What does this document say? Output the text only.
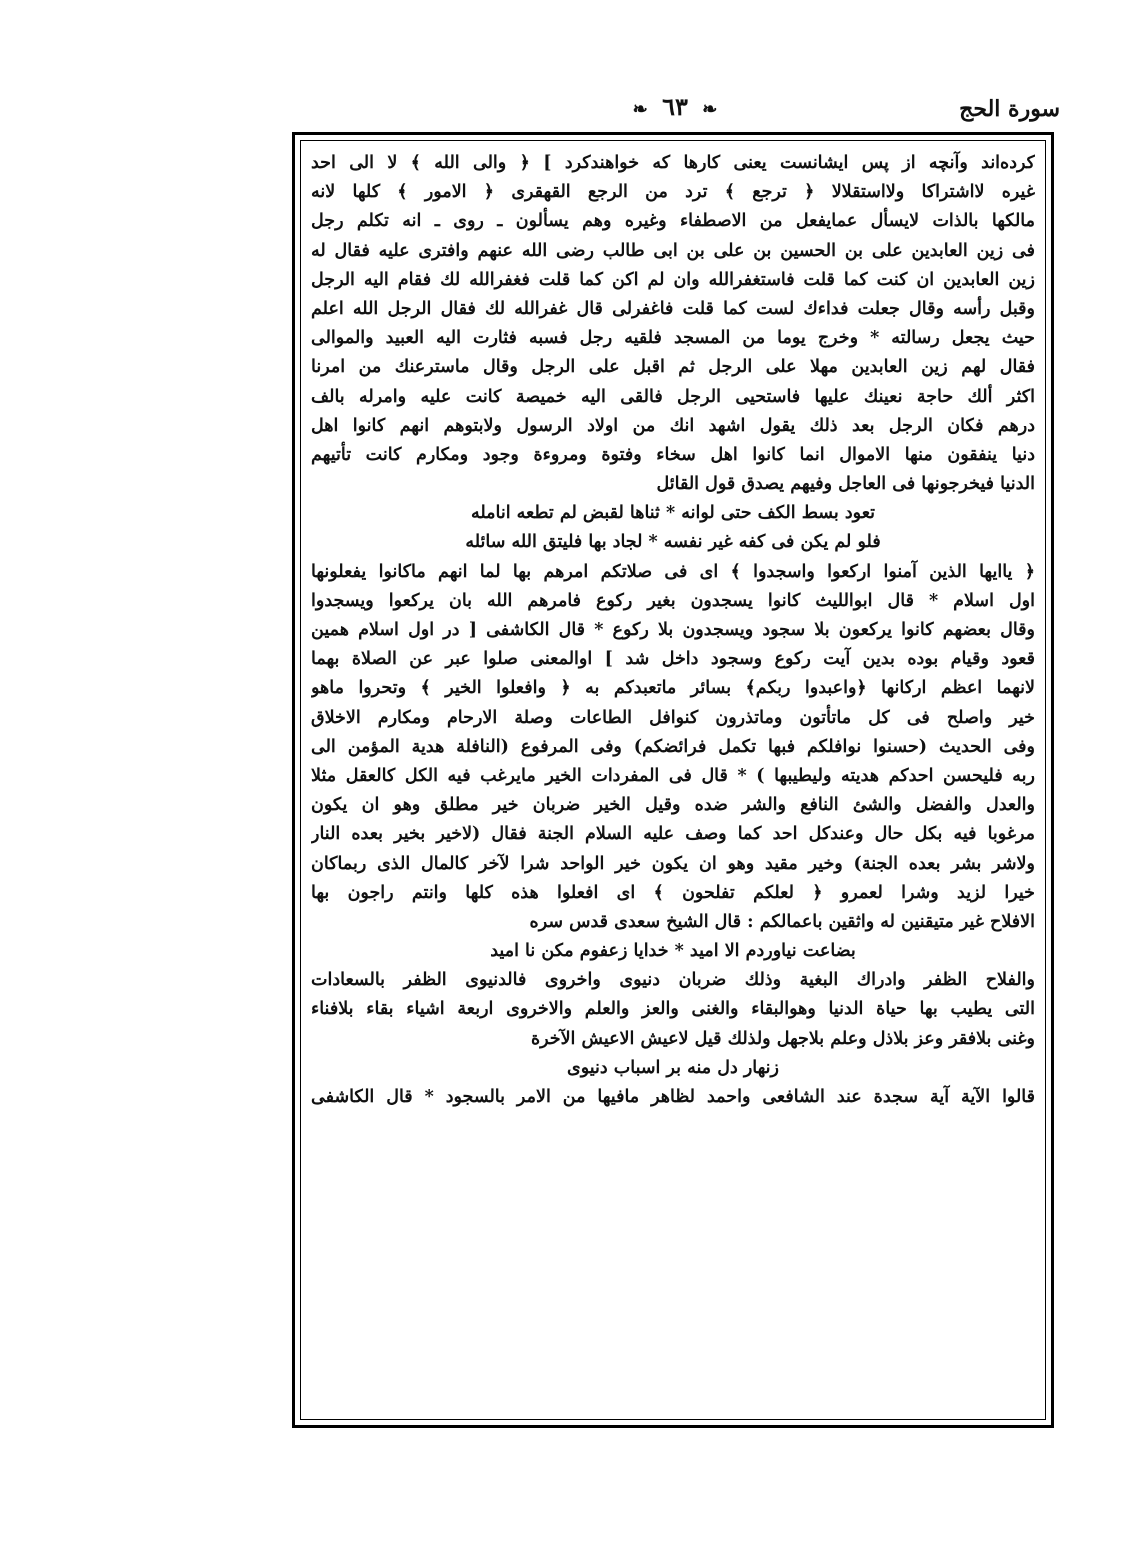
سورة الحج
❧ ٦٣ ❧
كرده‌اند وآنچه از پس ايشانست يعنى كارها كه خواهندكرد ] ﴿ والى الله ﴾ لا الى احد
غيره لااشتراكا ولااستقلالا ﴿ ترجع ﴾ ترد من الرجع القهقرى ﴿ الامور ﴾ كلها لانه
مالكها بالذات لايسأل عمايفعل من الاصطفاء وغيره وهم يسألون ـ روى ـ انه تكلم رجل
فى زين العابدين على بن الحسين بن على بن ابى طالب رضى الله عنهم وافترى عليه فقال له
زين العابدين ان كنت كما قلت فاستغفرالله وان لم اكن كما قلت فغفرالله لك فقام اليه الرجل
وقبل رأسه وقال جعلت فداءك لست كما قلت فاغفرلى قال غفرالله لك فقال الرجل الله اعلم
حيث يجعل رسالته * وخرج يوما من المسجد فلقيه رجل فسبه فثارت اليه العبيد والموالى
فقال لهم زين العابدين مهلا على الرجل ثم اقبل على الرجل وقال ماسترعنك من امرنا
اكثر ألك حاجة نعينك عليها فاستحيى الرجل فالقى اليه خميصة كانت عليه وامرله بالف
درهم فكان الرجل بعد ذلك يقول اشهد انك من اولاد الرسول ولابتوهم انهم كانوا اهل
دنيا ينفقون منها الاموال انما كانوا اهل سخاء وفتوة ومروءة وجود ومكارم كانت تأتيهم
الدنيا فيخرجونها فى العاجل وفيهم يصدق قول القائل
تعود بسط الكف حتى لوانه * ثناها لقبض لم تطعه انامله
فلو لم يكن فى كفه غير نفسه * لجاد بها فليتق الله سائله
﴿ ياايها الذين آمنوا اركعوا واسجدوا ﴾ اى فى صلاتكم امرهم بها لما انهم ماكانوا يفعلونها
اول اسلام * قال ابوالليث كانوا يسجدون بغير ركوع فامرهم الله بان يركعوا ويسجدوا
وقال بعضهم كانوا يركعون بلا سجود ويسجدون بلا ركوع * قال الكاشفى [ در اول اسلام همين
قعود وقيام بوده بدين آيت ركوع وسجود داخل شد ] اوالمعنى صلوا عبر عن الصلاة بهما
لانهما اعظم اركانها ﴿واعبدوا ربكم﴾ بسائر ماتعبدكم به ﴿ وافعلوا الخير ﴾ وتحروا ماهو
خير واصلح فى كل ماتأتون وماتذرون كنوافل الطاعات وصلة الارحام ومكارم الاخلاق
وفى الحديث (حسنوا نوافلكم فبها تكمل فرائضكم) وفى المرفوع (النافلة هدية المؤمن الى
ربه فليحسن احدكم هديته وليطيبها ) * قال فى المفردات الخير مايرغب فيه الكل كالعقل مثلا
والعدل والفضل والشئ النافع والشر ضده وقيل الخير ضربان خير مطلق وهو ان يكون
مرغوبا فيه بكل حال وعندكل احد كما وصف عليه السلام الجنة فقال (لاخير بخير بعده النار
ولاشر بشر بعده الجنة) وخير مقيد وهو ان يكون خير الواحد شرا لآخر كالمال الذى ربماكان
خيرا لزيد وشرا لعمرو ﴿ لعلكم تفلحون ﴾ اى افعلوا هذه كلها وانتم راجون بها
الافلاح غير متيقنين له واثقين باعمالكم : قال الشيخ سعدى قدس سره
بضاعت نياوردم الا اميد * خدايا زعفوم مكن نا اميد
والفلاح الظفر وادراك البغية وذلك ضربان دنيوى واخروى فالدنيوى الظفر بالسعادات
التى يطيب بها حياة الدنيا وهوالبقاء والغنى والعز والعلم والاخروى اربعة اشياء بقاء بلافناء
وغنى بلافقر وعز بلاذل وعلم بلاجهل ولذلك قيل لاعيش الاعيش الآخرة
زنهار دل منه بر اسباب دنيوى
قالوا الآية آية سجدة عند الشافعى واحمد لظاهر مافيها من الامر بالسجود * قال الكاشفى
